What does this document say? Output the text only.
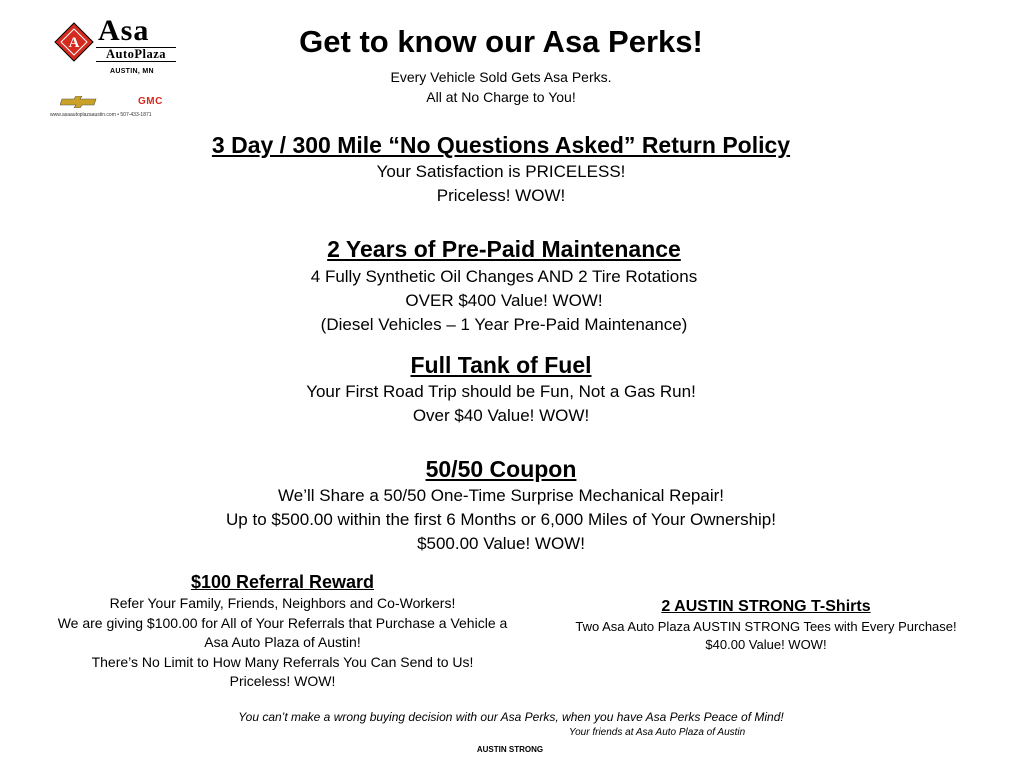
A Asa
AutoPlaza
AUSTIN, MN
GMC
www.asaautoplazaaustin.com • 507-433-1871
Get to know our Asa Perks!
Every Vehicle Sold Gets Asa Perks.
All at No Charge to You!
3 Day / 300 Mile “No Questions Asked” Return Policy
Your Satisfaction is PRICELESS!
Priceless! WOW!
2 Years of Pre-Paid Maintenance
4 Fully Synthetic Oil Changes AND 2 Tire Rotations
OVER $400 Value! WOW!
(Diesel Vehicles – 1 Year Pre-Paid Maintenance)
Full Tank of Fuel
Your First Road Trip should be Fun, Not a Gas Run!
Over $40 Value! WOW!
50/50 Coupon
We’ll Share a 50/50 One-Time Surprise Mechanical Repair!
Up to $500.00 within the first 6 Months or 6,000 Miles of Your Ownership!
$500.00 Value! WOW!
$100 Referral Reward
Refer Your Family, Friends, Neighbors and Co-Workers!
We are giving $100.00 for All of Your Referrals that Purchase a Vehicle a
Asa Auto Plaza of Austin!
There’s No Limit to How Many Referrals You Can Send to Us!
Priceless! WOW!
2 AUSTIN STRONG T-Shirts
Two Asa Auto Plaza AUSTIN STRONG Tees with Every Purchase!
$40.00 Value! WOW!
You can’t make a wrong buying decision with our Asa Perks, when you have Asa Perks Peace of Mind!
Your friends at Asa Auto Plaza of Austin
AUSTIN STRONG
